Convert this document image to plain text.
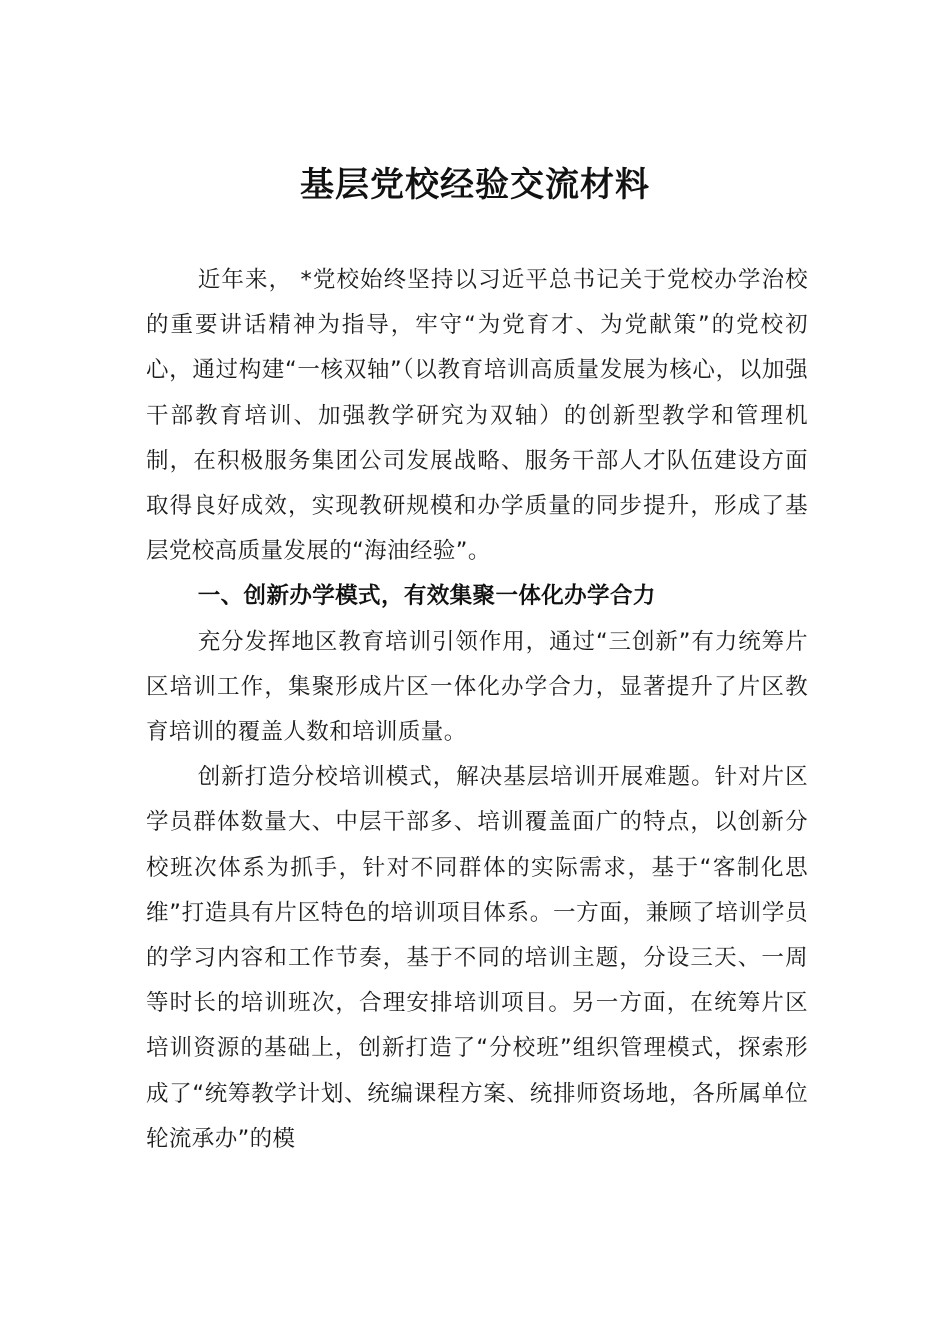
基层党校经验交流材料

近年来， *党校始终坚持以习近平总书记关于党校办学治校的重要讲话精神为指导，牢守“为党育才、为党献策”的党校初心，通过构建“一核双轴”（以教育培训高质量发展为核心，以加强干部教育培训、加强教学研究为双轴）的创新型教学和管理机制，在积极服务集团公司发展战略、服务干部人才队伍建设方面取得良好成效，实现教研规模和办学质量的同步提升，形成了基层党校高质量发展的“海油经验”。

一、创新办学模式，有效集聚一体化办学合力

充分发挥地区教育培训引领作用，通过“三创新”有力统筹片区培训工作，集聚形成片区一体化办学合力，显著提升了片区教育培训的覆盖人数和培训质量。

创新打造分校培训模式，解决基层培训开展难题。针对片区学员群体数量大、中层干部多、培训覆盖面广的特点，以创新分校班次体系为抓手，针对不同群体的实际需求，基于“客制化思维”打造具有片区特色的培训项目体系。一方面，兼顾了培训学员的学习内容和工作节奏，基于不同的培训主题，分设三天、一周等时长的培训班次，合理安排培训项目。另一方面，在统筹片区培训资源的基础上，创新打造了“分校班”组织管理模式，探索形成了“统筹教学计划、统编课程方案、统排师资场地，各所属单位轮流承办”的模
